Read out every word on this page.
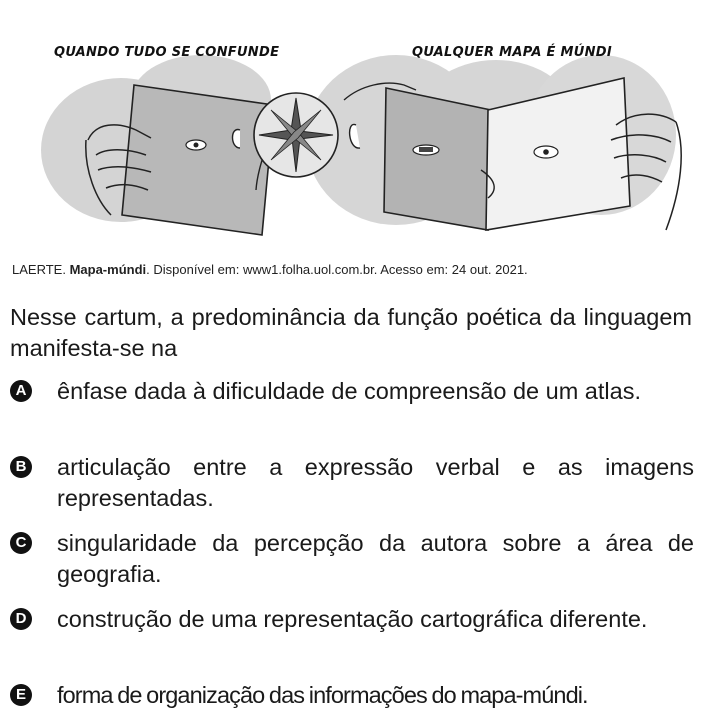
QUANDO TUDO SE CONFUNDE	QUALQUER MAPA É MÚNDI
LAERTE. Mapa-múndi. Disponível em: www1.folha.uol.com.br. Acesso em: 24 out. 2021.
Nesse cartum, a predominância da função poética da linguagem manifesta-se na
A ênfase dada à dificuldade de compreensão de um atlas.
B articulação entre a expressão verbal e as imagens representadas.
C singularidade da percepção da autora sobre a área de geografia.
D construção de uma representação cartográfica diferente.
E forma de organização das informações do mapa-múndi.
